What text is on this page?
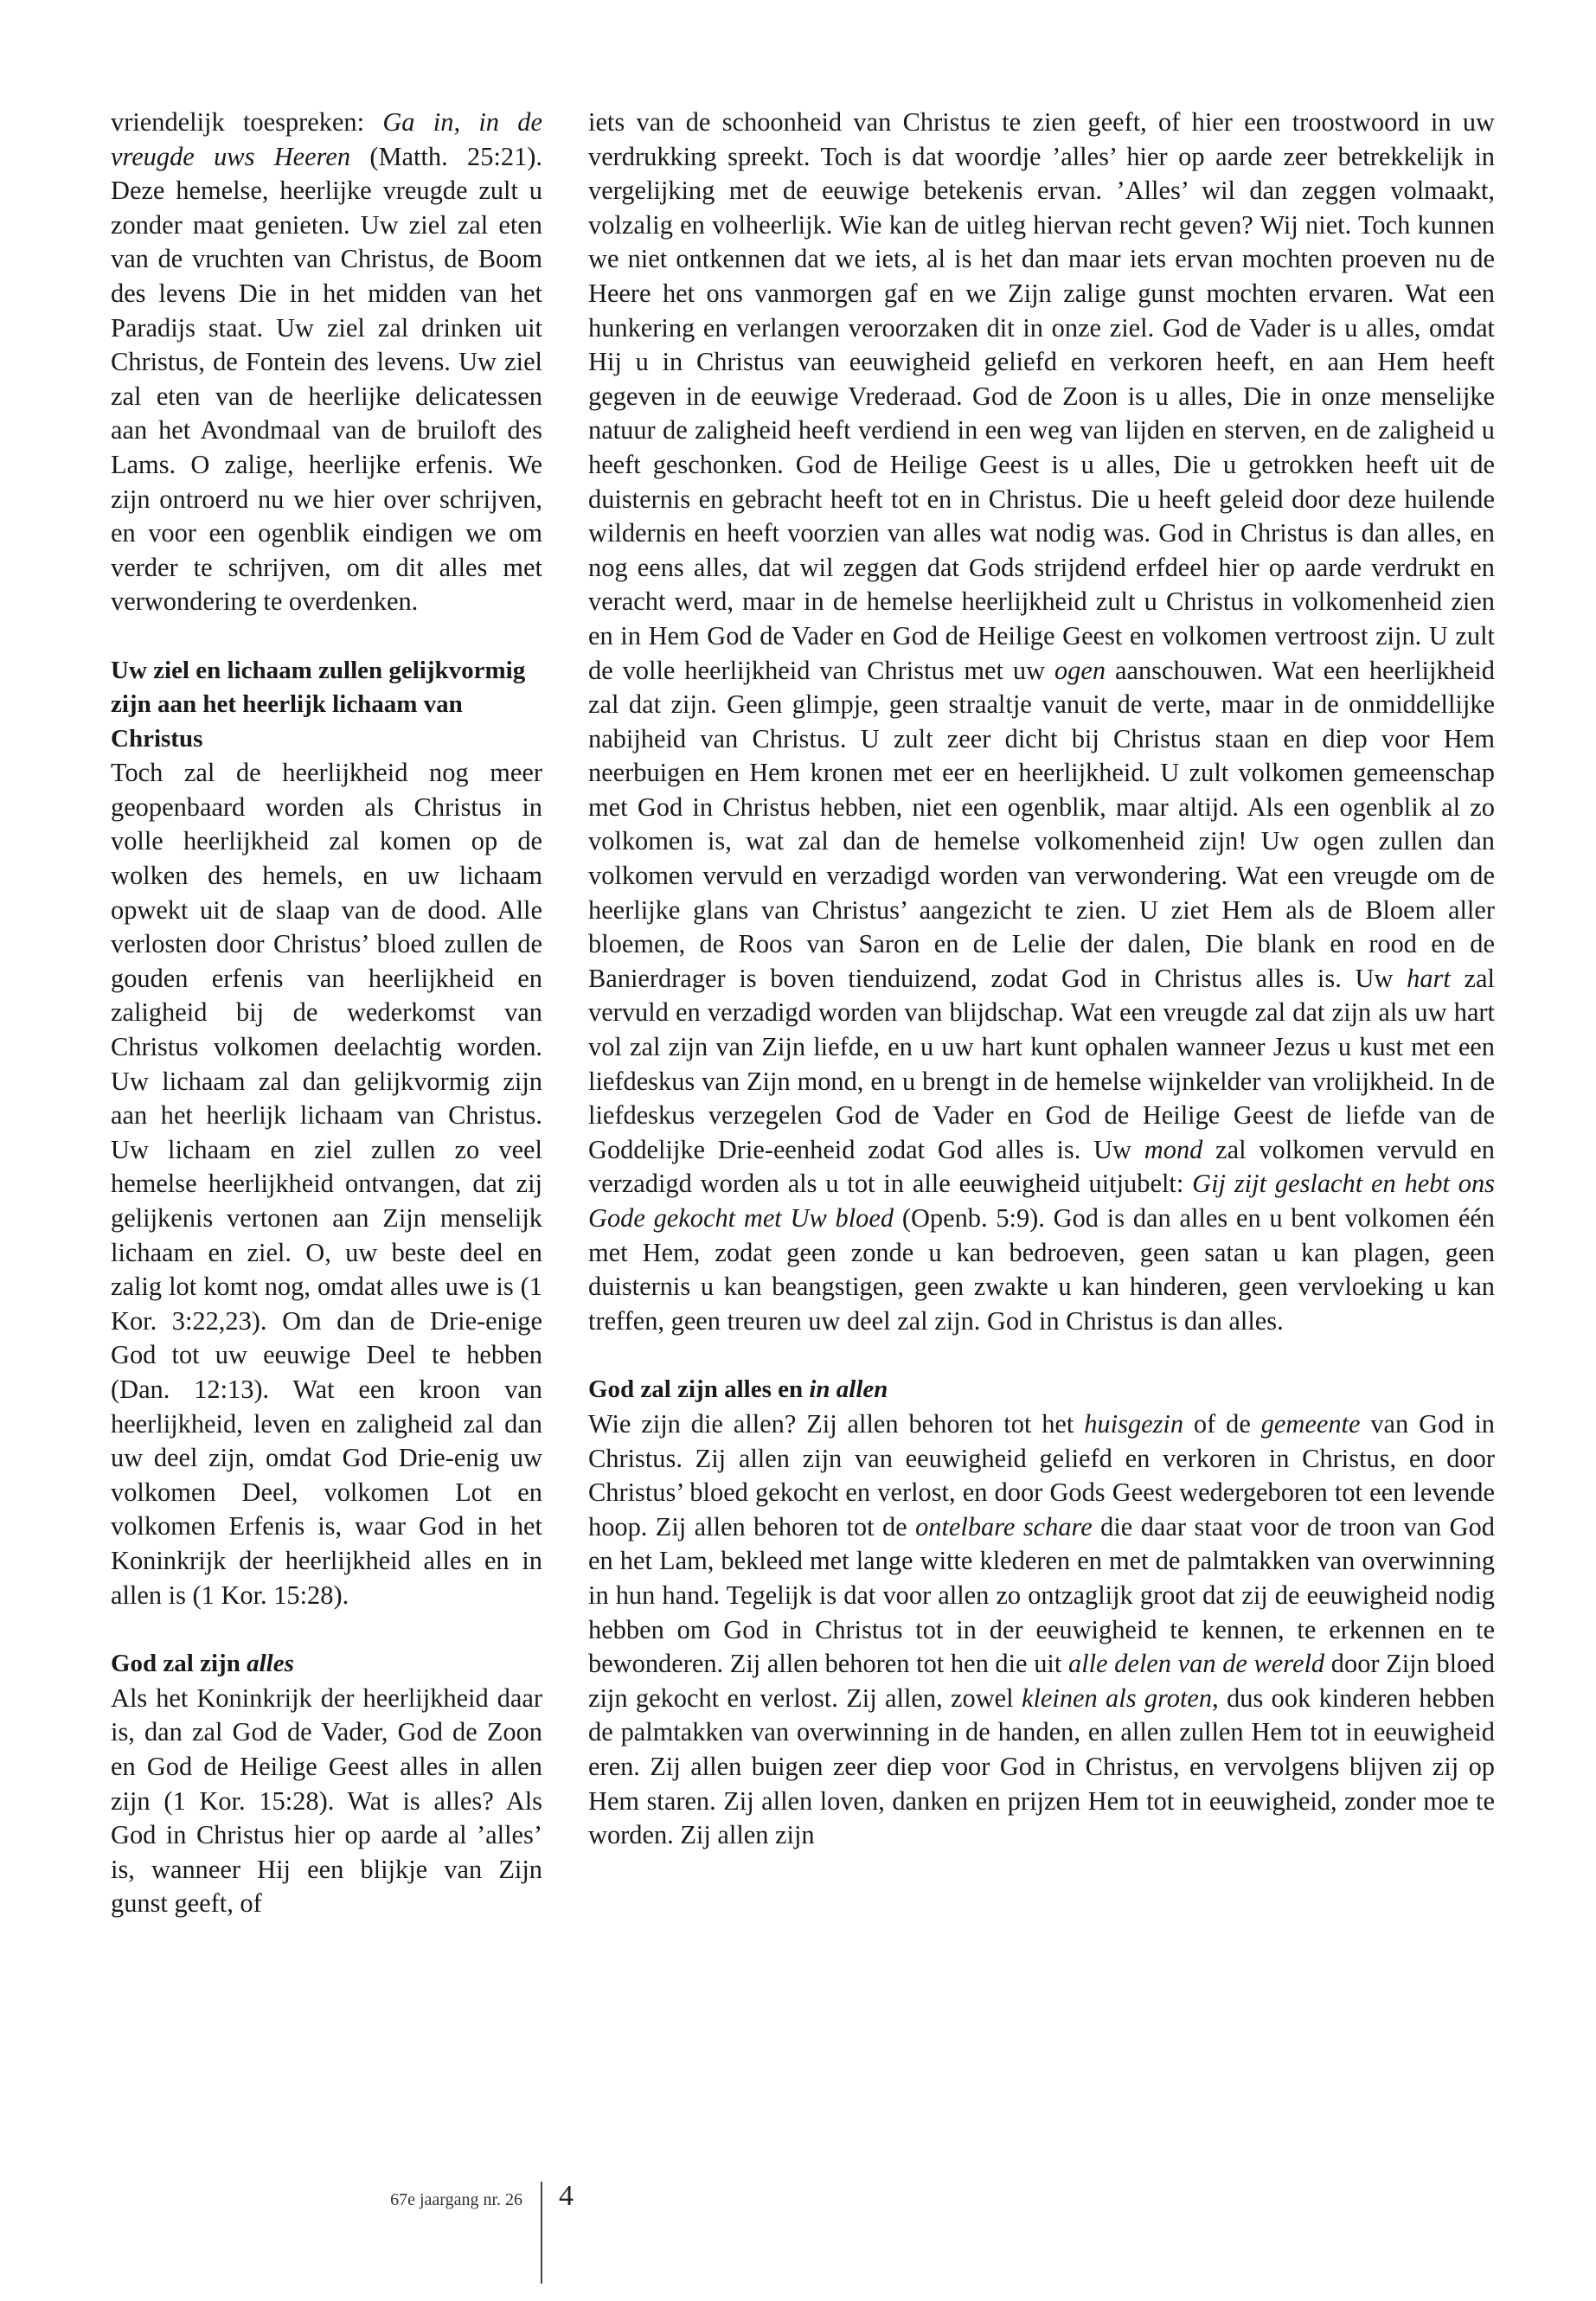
vriendelijk toespreken: Ga in, in de vreugde uws Heeren (Matth. 25:21). Deze hemelse, heerlijke vreugde zult u zonder maat genieten. Uw ziel zal eten van de vruchten van Christus, de Boom des levens Die in het midden van het Paradijs staat. Uw ziel zal drinken uit Christus, de Fontein des levens. Uw ziel zal eten van de heerlijke delicatessen aan het Avondmaal van de bruiloft des Lams. O zalige, heerlijke erfenis. We zijn ontroerd nu we hier over schrijven, en voor een ogenblik eindigen we om verder te schrijven, om dit alles met verwondering te overdenken.

Uw ziel en lichaam zullen gelijkvormig zijn aan het heerlijk lichaam van Christus

Toch zal de heerlijkheid nog meer geopenbaard worden als Christus in volle heerlijkheid zal komen op de wolken des hemels, en uw lichaam opwekt uit de slaap van de dood. Alle verlosten door Christus’ bloed zullen de gouden erfenis van heerlijkheid en zaligheid bij de wederkomst van Christus volkomen deelachtig worden. Uw lichaam zal dan gelijkvormig zijn aan het heerlijk lichaam van Christus. Uw lichaam en ziel zullen zo veel hemelse heerlijkheid ontvangen, dat zij gelijkenis vertonen aan Zijn menselijk lichaam en ziel. O, uw beste deel en zalig lot komt nog, omdat alles uwe is (1 Kor. 3:22,23). Om dan de Drie-enige God tot uw eeuwige Deel te hebben (Dan. 12:13). Wat een kroon van heerlijkheid, leven en zaligheid zal dan uw deel zijn, omdat God Drie-enig uw volkomen Deel, volkomen Lot en volkomen Erfenis is, waar God in het Koninkrijk der heerlijkheid alles en in allen is (1 Kor. 15:28).

God zal zijn alles

Als het Koninkrijk der heerlijkheid daar is, dan zal God de Vader, God de Zoon en God de Heilige Geest alles in allen zijn (1 Kor. 15:28). Wat is alles? Als God in Christus hier op aarde al ’alles’ is, wanneer Hij een blijkje van Zijn gunst geeft, of

iets van de schoonheid van Christus te zien geeft, of hier een troostwoord in uw verdrukking spreekt. Toch is dat woordje ’alles’ hier op aarde zeer betrekkelijk in vergelijking met de eeuwige betekenis ervan. ’Alles’ wil dan zeggen volmaakt, volzalig en volheerlijk. Wie kan de uitleg hiervan recht geven? Wij niet. Toch kunnen we niet ontkennen dat we iets, al is het dan maar iets ervan mochten proeven nu de Heere het ons vanmorgen gaf en we Zijn zalige gunst mochten ervaren. Wat een hunkering en verlangen veroorzaken dit in onze ziel. God de Vader is u alles, omdat Hij u in Christus van eeuwigheid geliefd en verkoren heeft, en aan Hem heeft gegeven in de eeuwige Vrederaad. God de Zoon is u alles, Die in onze menselijke natuur de zaligheid heeft verdiend in een weg van lijden en sterven, en de zaligheid u heeft geschonken. God de Heilige Geest is u alles, Die u getrokken heeft uit de duisternis en gebracht heeft tot en in Christus. Die u heeft geleid door deze huilende wildernis en heeft voorzien van alles wat nodig was. God in Christus is dan alles, en nog eens alles, dat wil zeggen dat Gods strijdend erfdeel hier op aarde verdrukt en veracht werd, maar in de hemelse heerlijkheid zult u Christus in volkomenheid zien en in Hem God de Vader en God de Heilige Geest en volkomen vertroost zijn. U zult de volle heerlijkheid van Christus met uw ogen aanschouwen. Wat een heerlijkheid zal dat zijn. Geen glimpje, geen straaltje vanuit de verte, maar in de onmiddellijke nabijheid van Christus. U zult zeer dicht bij Christus staan en diep voor Hem neerbuigen en Hem kronen met eer en heerlijkheid. U zult volkomen gemeenschap met God in Christus hebben, niet een ogenblik, maar altijd. Als een ogenblik al zo volkomen is, wat zal dan de hemelse volkomenheid zijn! Uw ogen zullen dan volkomen vervuld en verzadigd worden van verwondering. Wat een vreugde om de heerlijke glans van Christus’ aangezicht te zien. U ziet Hem als de Bloem aller bloemen, de Roos van Saron en de Lelie der dalen, Die blank en rood en de Banierdrager is boven tienduizend, zodat God in Christus alles is. Uw hart zal vervuld en verzadigd worden van blijdschap. Wat een vreugde zal dat zijn als uw hart vol zal zijn van Zijn liefde, en u uw hart kunt ophalen wanneer Jezus u kust met een liefdeskus van Zijn mond, en u brengt in de hemelse wijnkelder van vrolijkheid. In de liefdeskus verzegelen God de Vader en God de Heilige Geest de liefde van de Goddelijke Drie-eenheid zodat God alles is. Uw mond zal volkomen vervuld en verzadigd worden als u tot in alle eeuwigheid uitjubelt: Gij zijt geslacht en hebt ons Gode gekocht met Uw bloed (Openb. 5:9). God is dan alles en u bent volkomen één met Hem, zodat geen zonde u kan bedroeven, geen satan u kan plagen, geen duisternis u kan beangstigen, geen zwakte u kan hinderen, geen vervloeking u kan treffen, geen treuren uw deel zal zijn. God in Christus is dan alles.

God zal zijn alles en in allen

Wie zijn die allen? Zij allen behoren tot het huisgezin of de gemeente van God in Christus. Zij allen zijn van eeuwigheid geliefd en verkoren in Christus, en door Christus’ bloed gekocht en verlost, en door Gods Geest wedergeboren tot een levende hoop. Zij allen behoren tot de ontelbare schare die daar staat voor de troon van God en het Lam, bekleed met lange witte klederen en met de palmtakken van overwinning in hun hand. Tegelijk is dat voor allen zo ontzaglijk groot dat zij de eeuwigheid nodig hebben om God in Christus tot in der eeuwigheid te kennen, te erkennen en te bewonderen. Zij allen behoren tot hen die uit alle delen van de wereld door Zijn bloed zijn gekocht en verlost. Zij allen, zowel kleinen als groten, dus ook kinderen hebben de palmtakken van overwinning in de handen, en allen zullen Hem tot in eeuwigheid eren. Zij allen buigen zeer diep voor God in Christus, en vervolgens blijven zij op Hem staren. Zij allen loven, danken en prijzen Hem tot in eeuwigheid, zonder moe te worden. Zij allen zijn

67e jaargang nr. 26 4
